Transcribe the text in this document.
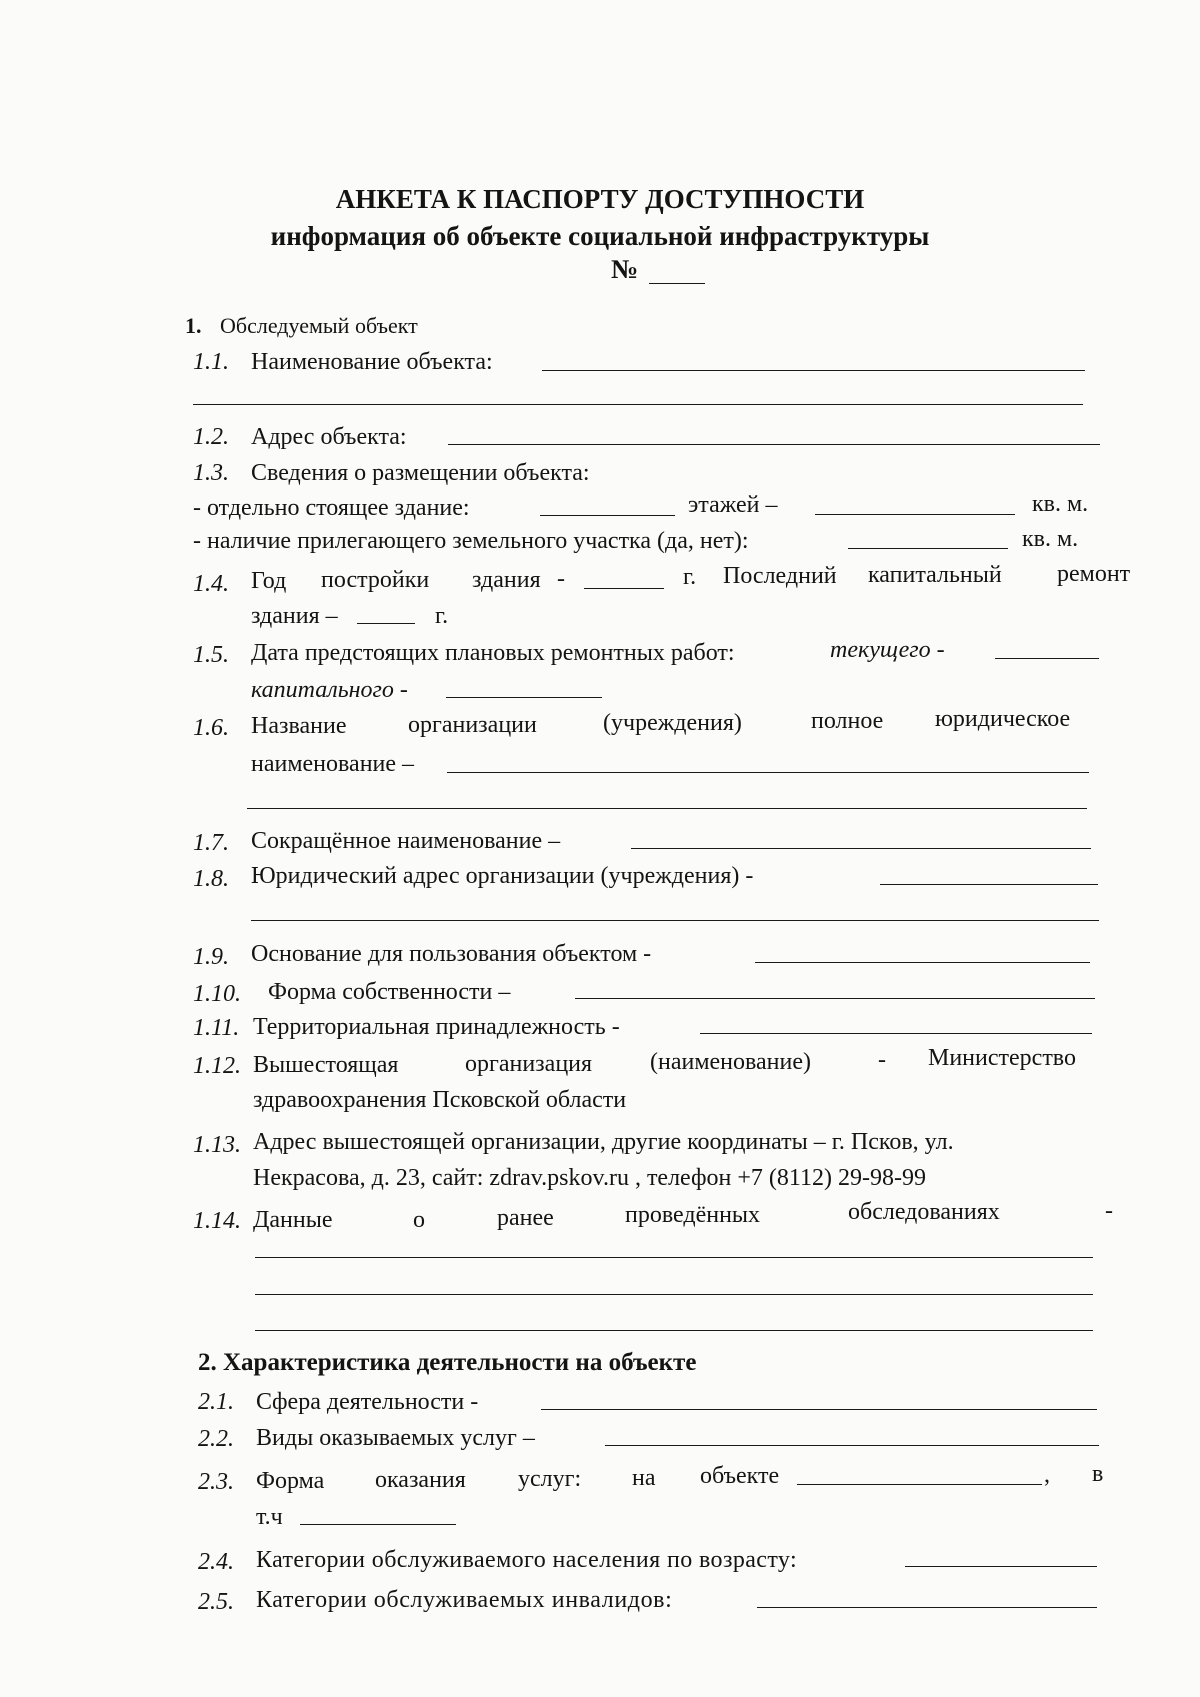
АНКЕТА К ПАСПОРТУ ДОСТУПНОСТИ
информация об объекте социальной инфраструктуры
№
1. Обследуемый объект
1.1. Наименование объекта:
1.2. Адрес объекта:
1.3. Сведения о размещении объекта:
- отдельно стоящее здание:	этажей –	кв. м.
- наличие прилегающего земельного участка (да, нет):	кв. м.
1.4. Год постройки здания -	г. Последний капитальный ремонт
здания –	г.
1.5. Дата предстоящих плановых ремонтных работ:	текущего -
капитального -
1.6. Название	организации	(учреждения)	полное юридическое
наименование –
1.7. Сокращённое наименование –
1.8. Юридический адрес организации (учреждения) -
1.9. Основание для пользования объектом -
1.10. Форма собственности –
1.11. Территориальная принадлежность -
1.12. Вышестоящая	организация (наименование)	- Министерство
здравоохранения Псковской области
1.13. Адрес вышестоящей организации, другие координаты – г. Псков, ул.
Некрасова, д. 23, сайт: zdrav.pskov.ru , телефон +7 (8112) 29-98-99
1.14. Данные	о	ранее	проведённых	обследованиях	-
2. Характеристика деятельности на объекте
2.1. Сфера деятельности -
2.2. Виды оказываемых услуг –
2.3. Форма оказания услуг: на объекте	, в
т.ч
2.4. Категории обслуживаемого населения по возрасту:
2.5. Категории обслуживаемых инвалидов:
